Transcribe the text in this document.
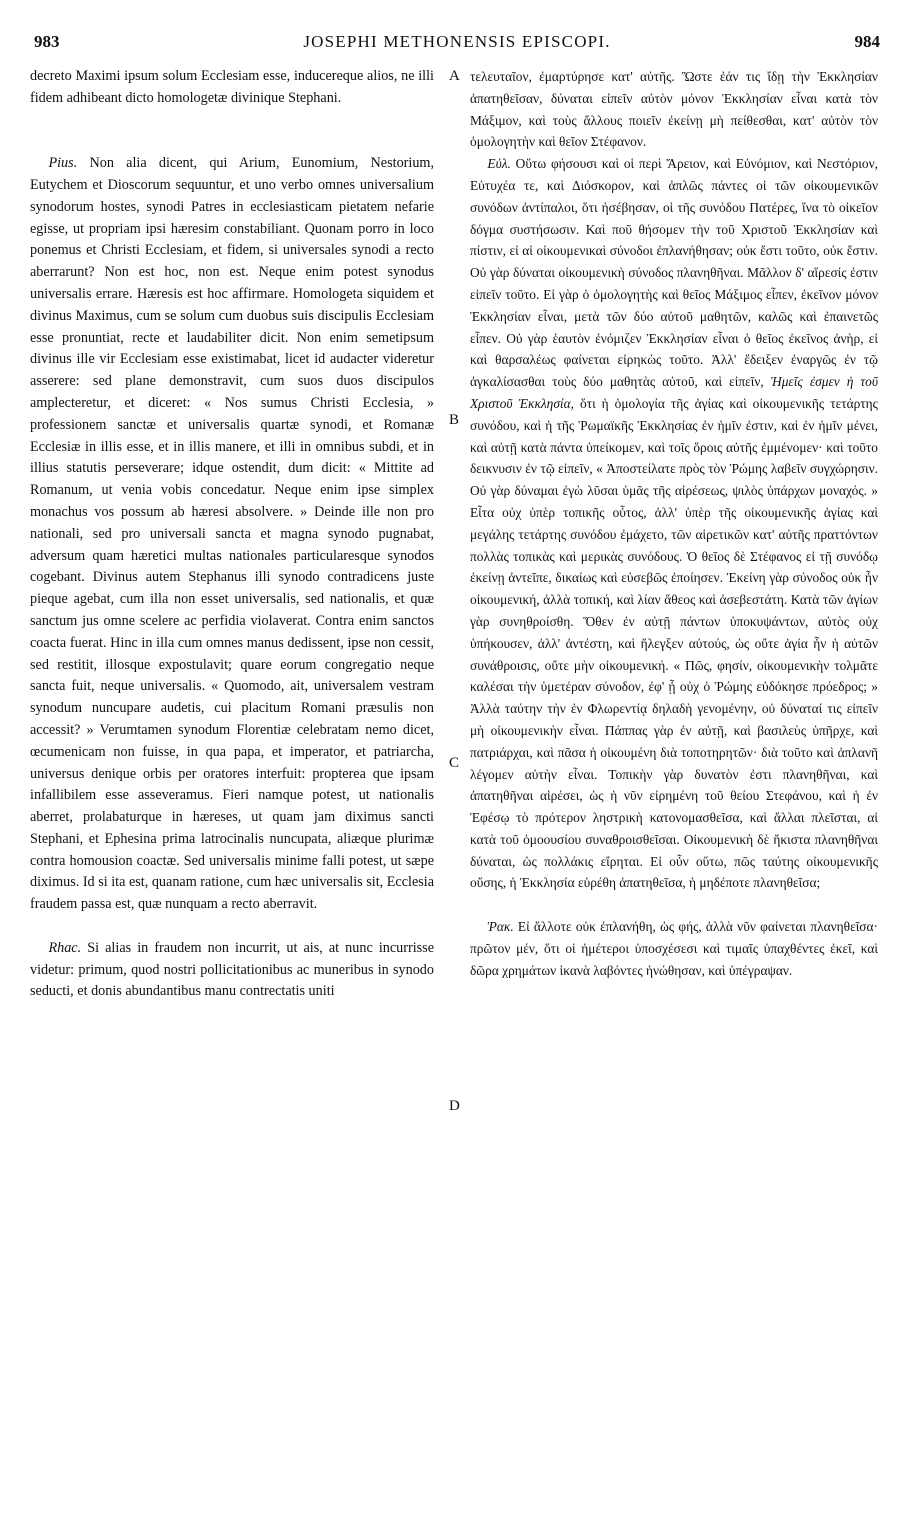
983	JOSEPHI METHONENSIS EPISCOPI.	984

decreto Maximi ipsum solum Ecclesiam esse, inducereque alios, ne illi fidem adhibeant dicto homologetæ divinique Stephani.

Pius. Non alia dicent, qui Arium, Eunomium, Nestorium, Eutychem et Dioscorum sequuntur, et uno verbo omnes universalium synodorum hostes, synodi Patres in ecclesiasticam pietatem nefarie egisse, ut propriam ipsi hæresim constabiliant. Quonam porro in loco ponemus et Christi Ecclesiam, et fidem, si universales synodi a recto aberrarunt? Non est hoc, non est. Neque enim potest synodus universalis errare. Hæresis est hoc affirmare. Homologeta siquidem et divinus Maximus, cum se solum cum duobus suis discipulis Ecclesiam esse pronuntiat, recte et laudabiliter dicit. Non enim semetipsum divinus ille vir Ecclesiam esse existimabat, licet id audacter videretur asserere: sed plane demonstravit, cum suos duos discipulos amplecteretur, et diceret: « Nos sumus Christi Ecclesia, » professionem sanctæ et universalis quartæ synodi, et Romanæ Ecclesiæ in illis esse, et in illis manere, et illi in omnibus subdi, et in illius statutis perseverare; idque ostendit, dum dicit: « Mittite ad Romanum, ut venia vobis concedatur. Neque enim ipse simplex monachus vos possum ab hæresi absolvere. » Deinde ille non pro nationali, sed pro universali sancta et magna synodo pugnabat, adversum quam hæretici multas nationales particularesque synodos cogebant. Divinus autem Stephanus illi synodo contradicens juste pieque agebat, cum illa non esset universalis, sed nationalis, et quæ sanctum jus omne scelere ac perfidia violaverat. Contra enim sanctos coacta fuerat. Hinc in illa cum omnes manus dedissent, ipse non cessit, sed restitit, illosque expostulavit; quare eorum congregatio neque sancta fuit, neque universalis. « Quomodo, ait, universalem vestram synodum nuncupare audetis, cui placitum Romani præsulis non accessit? » Verumtamen synodum Florentiæ celebratam nemo dicet, œcumenicam non fuisse, in qua papa, et imperator, et patriarcha, universus denique orbis per oratores interfuit: propterea que ipsam infallibilem esse asseveramus. Fieri namque potest, ut nationalis aberret, prolabaturque in hæreses, ut quam jam diximus sancti Stephani, et Ephesina prima latrocinalis nuncupata, aliæque plurimæ contra homousion coactæ. Sed universalis minime falli potest, ut sæpe diximus. Id si ita est, quanam ratione, cum hæc universalis sit, Ecclesia fraudem passa est, quæ nunquam a recto aberravit.

Rhac. Si alias in fraudem non incurrit, ut ais, at nunc incurrisse videtur: primum, quod nostri pollicitationibus ac muneribus in synodo seducti, et donis abundantibus manu contrectatis uniti

A
B
C
D

τελευταῖον, ἐμαρτύρησε κατ' αὐτῆς. Ὥστε ἐάν τις ἴδῃ τὴν Ἐκκλησίαν ἀπατηθεῖσαν, δύναται εἰπεῖν αὐτὸν μόνον Ἐκκλησίαν εἶναι κατὰ τὸν Μάξιμον, καὶ τοὺς ἄλλους ποιεῖν ἐκείνῃ μὴ πείθεσθαι, κατ' αὐτὸν τὸν ὁμολογητὴν καὶ θεῖον Στέφανον.

Εὐλ. Οὕτω φήσουσι καὶ οἱ περὶ Ἄρειον, καὶ Εὐνόμιον, καὶ Νεστόριον, Εὐτυχέα τε, καὶ Διόσκορον, καὶ ἁπλῶς πάντες οἱ τῶν οἰκουμενικῶν συνόδων ἀντίπαλοι, ὅτι ἠσέβησαν, οἱ τῆς συνόδου Πατέρες, ἵνα τὸ οἰκεῖον δόγμα συστήσωσιν. Καὶ ποῦ θήσομεν τὴν τοῦ Χριστοῦ Ἐκκλησίαν καὶ πίστιν, εἰ αἱ οἰκουμενικαὶ σύνοδοι ἐπλανήθησαν; οὐκ ἔστι τοῦτο, οὐκ ἔστιν. Οὐ γὰρ δύναται οἰκουμενικὴ σύνοδος πλανηθῆναι. Μᾶλλον δ' αἵρεσίς ἐστιν εἰπεῖν τοῦτο. Εἰ γὰρ ὁ ὁμολογητὴς καὶ θεῖος Μάξιμος εἶπεν, ἐκεῖνον μόνον Ἐκκλησίαν εἶναι, μετὰ τῶν δύο αὐτοῦ μαθητῶν, καλῶς καὶ ἐπαινετῶς εἶπεν. Οὐ γὰρ ἑαυτὸν ἐνόμιζεν Ἐκκλησίαν εἶναι ὁ θεῖος ἐκεῖνος ἀνὴρ, εἰ καὶ θαρσαλέως φαίνεται εἰρηκὼς τοῦτο. Ἀλλ' ἔδειξεν ἐναργῶς ἐν τῷ ἀγκαλίσασθαι τοὺς δύο μαθητὰς αὐτοῦ, καὶ εἰπεῖν, Ἡμεῖς ἐσμεν ἡ τοῦ Χριστοῦ Ἐκκλησία, ὅτι ἡ ὁμολογία τῆς ἁγίας καὶ οἰκουμενικῆς τετάρτης συνόδου, καὶ ἡ τῆς Ῥωμαϊκῆς Ἐκκλησίας ἐν ἡμῖν ἐστιν, καὶ ἐν ἡμῖν μένει, καὶ αὐτῇ κατὰ πάντα ὑπείκομεν, καὶ τοῖς ὅροις αὐτῆς ἐμμένομεν· καὶ τοῦτο δεικνυσιν ἐν τῷ εἰπεῖν, « Ἀποστείλατε πρὸς τὸν Ῥώμης λαβεῖν συγχώρησιν. Οὐ γὰρ δύναμαι ἐγὼ λῦσαι ὑμᾶς τῆς αἱρέσεως, ψιλὸς ὑπάρχων μοναχός. » Εἶτα οὐχ ὑπὲρ τοπικῆς οὗτος, ἀλλ' ὑπὲρ τῆς οἰκουμενικῆς ἁγίας καὶ μεγάλης τετάρτης συνόδου ἐμάχετο, τῶν αἱρετικῶν κατ' αὐτῆς πραττόντων πολλὰς τοπικὰς καὶ μερικὰς συνόδους. Ὁ θεῖος δὲ Στέφανος εἰ τῇ συνόδῳ ἐκείνῃ ἀντεῖπε, δικαίως καὶ εὐσεβῶς ἐποίησεν. Ἐκείνη γὰρ σύνοδος οὐκ ἦν οἰκουμενική, ἀλλὰ τοπική, καὶ λίαν ἄθεος καὶ ἀσεβεστάτη. Κατὰ τῶν ἁγίων γὰρ συνηθροίσθη. Ὅθεν ἐν αὐτῇ πάντων ὑποκυψάντων, αὐτὸς οὐχ ὑπήκουσεν, ἀλλ' ἀντέστη, καὶ ἤλεγξεν αὐτούς, ὡς οὔτε ἁγία ἦν ἡ αὐτῶν συνάθροισις, οὔτε μὴν οἰκουμενική. « Πῶς, φησίν, οἰκουμενικὴν τολμᾶτε καλέσαι τὴν ὑμετέραν σύνοδον, ἐφ' ᾗ οὐχ ὁ Ῥώμης εὐδόκησε πρόεδρος; » Ἀλλὰ ταύτην τὴν ἐν Φλωρεντίᾳ δηλαδὴ γενομένην, οὐ δύναταί τις εἰπεῖν μὴ οἰκουμενικὴν εἶναι. Πάππας γὰρ ἐν αὐτῇ, καὶ βασιλεὺς ὑπῆρχε, καὶ πατριάρχαι, καὶ πᾶσα ἡ οἰκουμένη διὰ τοποτηρητῶν· διὰ τοῦτο καὶ ἀπλανῆ λέγομεν αὐτὴν εἶναι. Τοπικὴν γὰρ δυνατὸν ἐστι πλανηθῆναι, καὶ ἀπατηθῆναι αἱρέσει, ὡς ἡ νῦν εἰρημένη τοῦ θείου Στεφάνου, καὶ ἡ ἐν Ἐφέσῳ τὸ πρότερον ληστρικὴ κατονομασθεῖσα, καὶ ἄλλαι πλεῖσται, αἱ κατὰ τοῦ ὁμοουσίου συναθροισθεῖσαι. Οἰκουμενικὴ δὲ ἥκιστα πλανηθῆναι δύναται, ὡς πολλάκις εἴρηται. Εἰ οὖν οὕτω, πῶς ταύτης οἰκουμενικῆς οὔσης, ἡ Ἐκκλησία εὑρέθη ἀπατηθεῖσα, ἡ μηδέποτε πλανηθεῖσα;

Ῥακ. Εἰ ἄλλοτε οὐκ ἐπλανήθη, ὡς φής, ἀλλὰ νῦν φαίνεται πλανηθεῖσα· πρῶτον μέν, ὅτι οἱ ἡμέτεροι ὑποσχέσεσι καὶ τιμαῖς ὑπαχθέντες ἐκεῖ, καὶ δῶρα χρημάτων ἱκανὰ λαβόντες ἡνώθησαν, καὶ ὑπέγραψαν.
